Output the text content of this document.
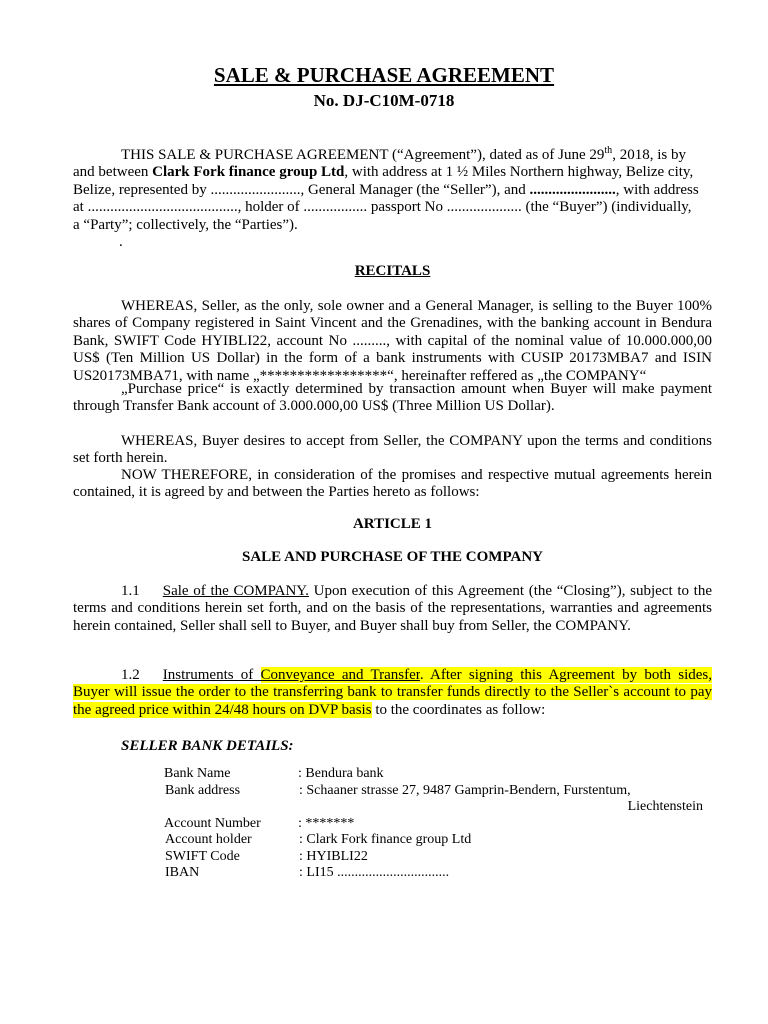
SALE & PURCHASE AGREEMENT
No. DJ-C10M-0718
THIS SALE & PURCHASE AGREEMENT (“Agreement”), dated as of June 29th, 2018, is by
and between Clark Fork finance group Ltd, with address at 1 ½ Miles Northern highway, Belize city,
Belize, represented by ........................, General Manager (the “Seller”), and ......................., with address
at ........................................, holder of ................. passport No .................... (the “Buyer”) (individually,
a “Party”; collectively, the “Parties”).
.
RECITALS
WHEREAS, Seller, as the only, sole owner and a General Manager, is selling to the Buyer 100% shares of Company registered in Saint Vincent and the Grenadines, with the banking account in Bendura Bank, SWIFT Code HYIBLI22, account No ........., with capital of the nominal value of 10.000.000,00 US$ (Ten Million US Dollar) in the form of a bank instruments with CUSIP 20173MBA7 and ISIN US20173MBA71, with name „*****************“, hereinafter reffered as „the COMPANY“
„Purchase price“ is exactly determined by transaction amount when Buyer will make payment through Transfer Bank account of 3.000.000,00 US$ (Three Million US Dollar).
WHEREAS, Buyer desires to accept from Seller, the COMPANY upon the terms and conditions set forth herein.
NOW THEREFORE, in consideration of the promises and respective mutual agreements herein contained, it is agreed by and between the Parties hereto as follows:
ARTICLE 1
SALE AND PURCHASE OF THE COMPANY
1.1 Sale of the COMPANY. Upon execution of this Agreement (the “Closing”), subject to the terms and conditions herein set forth, and on the basis of the representations, warranties and agreements herein contained, Seller shall sell to Buyer, and Buyer shall buy from Seller, the COMPANY.
1.2 Instruments of Conveyance and Transfer. After signing this Agreement by both sides, Buyer will issue the order to the transferring bank to transfer funds directly to the Seller`s account to pay the agreed price within 24/48 hours on DVP basis to the coordinates as follow:
SELLER BANK DETAILS:
Bank Name	: Bendura bank
Bank address	: Schaaner strasse 27, 9487 Gamprin-Bendern, Furstentum,
Liechtenstein
Account Number	: *******
Account holder	: Clark Fork finance group Ltd
SWIFT Code	: HYIBLI22
IBAN	: LI15 ................................
